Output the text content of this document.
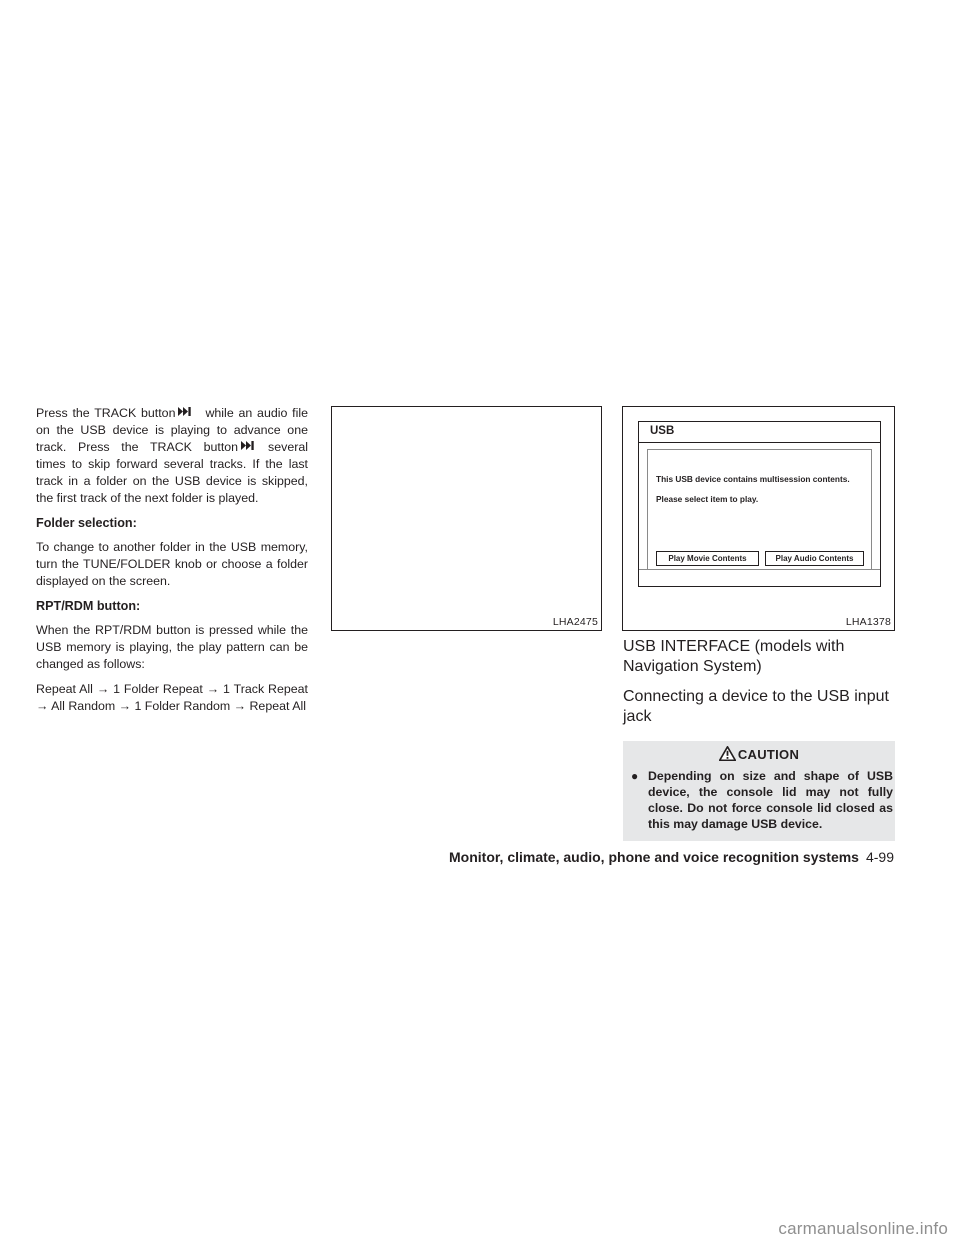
Press the TRACK button while an audio file on the USB device is playing to advance one track. Press the TRACK button several times to skip forward several tracks. If the last track in a folder on the USB device is skipped, the first track of the next folder is played.

Folder selection:

To change to another folder in the USB memory, turn the TUNE/FOLDER knob or choose a folder displayed on the screen.

RPT/RDM button:

When the RPT/RDM button is pressed while the USB memory is playing, the play pattern can be changed as follows:

Repeat All → 1 Folder Repeat → 1 Track Repeat → All Random → 1 Folder Random → Repeat All

LHA2475
USB
This USB device contains multisession contents.
Please select item to play.
Play Movie Contents	Play Audio Contents
LHA1378
USB INTERFACE (models with Navigation System)
Connecting a device to the USB input jack
CAUTION
● Depending on size and shape of USB device, the console lid may not fully close. Do not force console lid closed as this may damage USB device.
Monitor, climate, audio, phone and voice recognition systems 4-99
carmanualsonline.info
